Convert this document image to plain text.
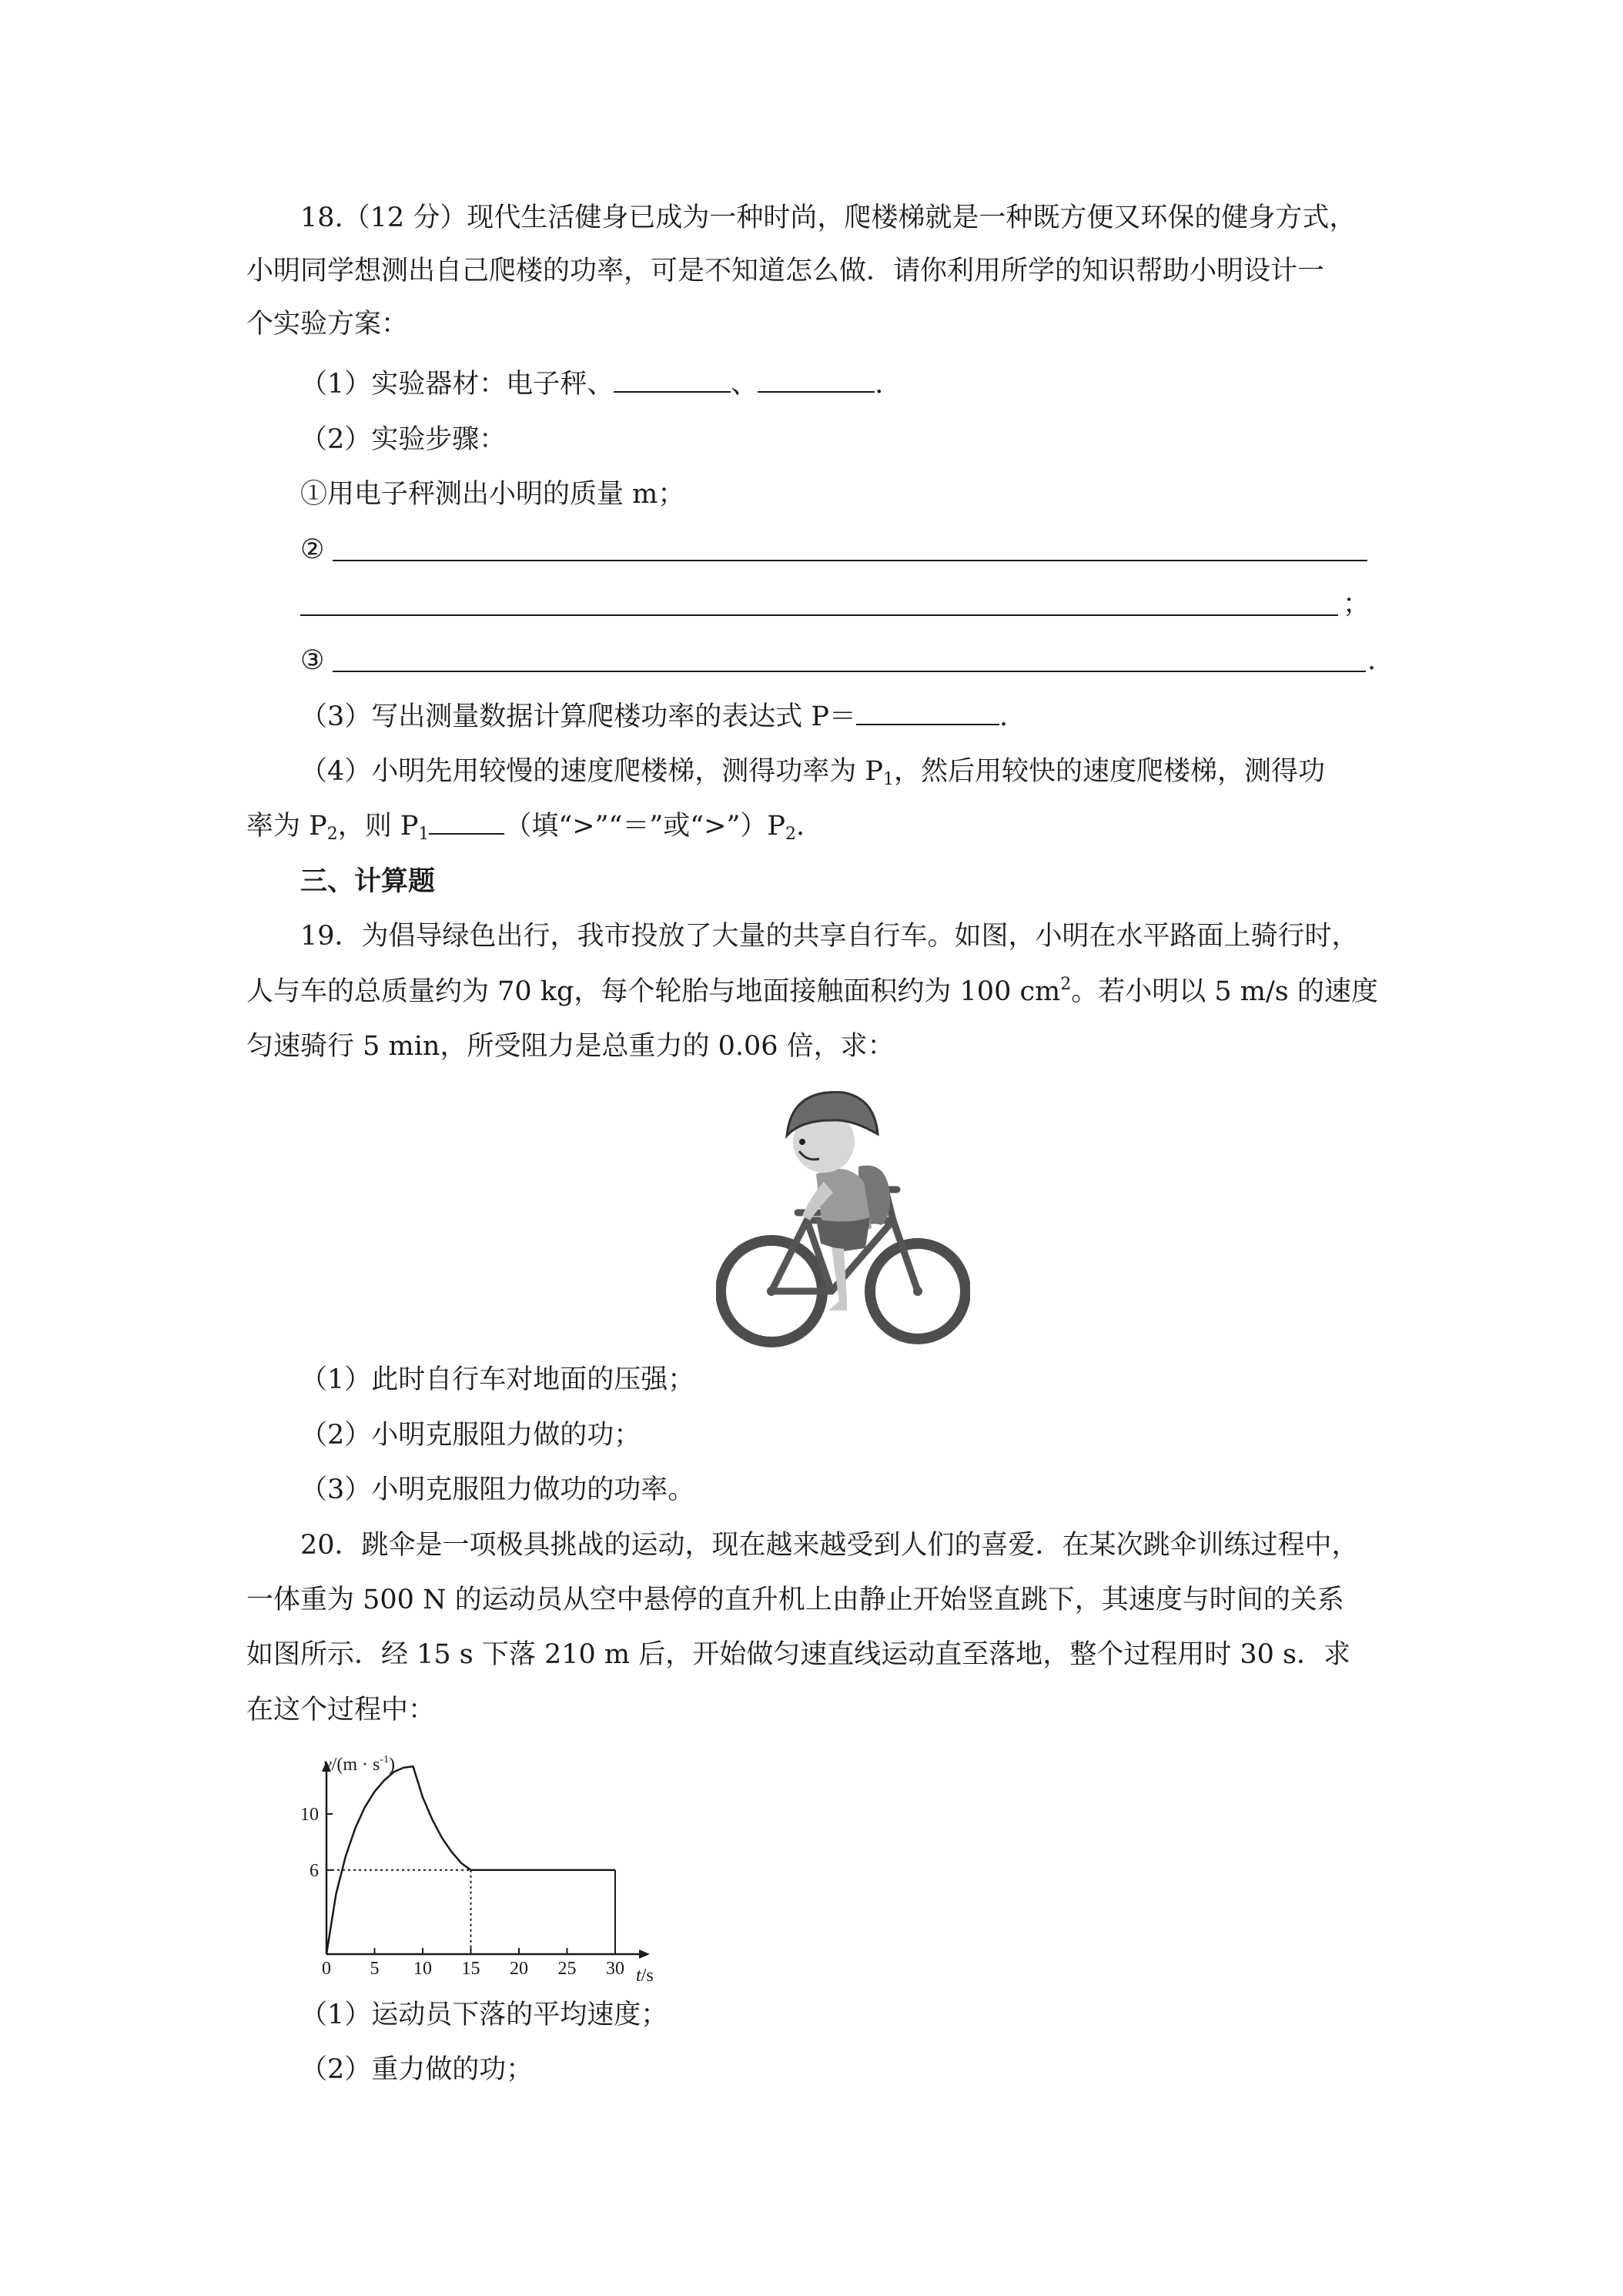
18.（12 分）现代生活健身已成为一种时尚，爬楼梯就是一种既方便又环保的健身方式，
小明同学想测出自己爬楼的功率，可是不知道怎么做．请你利用所学的知识帮助小明设计一
个实验方案：
（1）实验器材：电子秤、	、	.
（2）实验步骤：
①用电子秤测出小明的质量 m；
②
；
③	.
（3）写出测量数据计算爬楼功率的表达式 P＝	.
（4）小明先用较慢的速度爬楼梯，测得功率为 $P_1$，然后用较快的速度爬楼梯，测得功
率为 $P_2$，则 $P_1$	（填“>”“＝”或“$>”)P_2$.
三、计算题
19．为倡导绿色出行，我市投放了大量的共享自行车。如图，小明在水平路面上骑行时，
人与车的总质量约为 70 kg，每个轮胎与地面接触面积约为 100 $cm^2$。若小明以 5 m/s 的速度
匀速骑行 5 min，所受阻力是总重力的 0.06 倍，求：
（1）此时自行车对地面的压强；
（2）小明克服阻力做的功；
（3）小明克服阻力做功的功率。
20．跳伞是一项极具挑战的运动，现在越来越受到人们的喜爱．在某次跳伞训练过程中，
一体重为 500 N 的运动员从空中悬停的直升机上由静止开始竖直跳下，其速度与时间的关系
如图所示．经 15 s 下落 210 m 后，开始做匀速直线运动直至落地，整个过程用时 30 s．求
在这个过程中：
$v/(m \cdot s^{-1})$
t/s
0 5 10 15 20 25 30
6
10
（1）运动员下落的平均速度；
（2）重力做的功；
